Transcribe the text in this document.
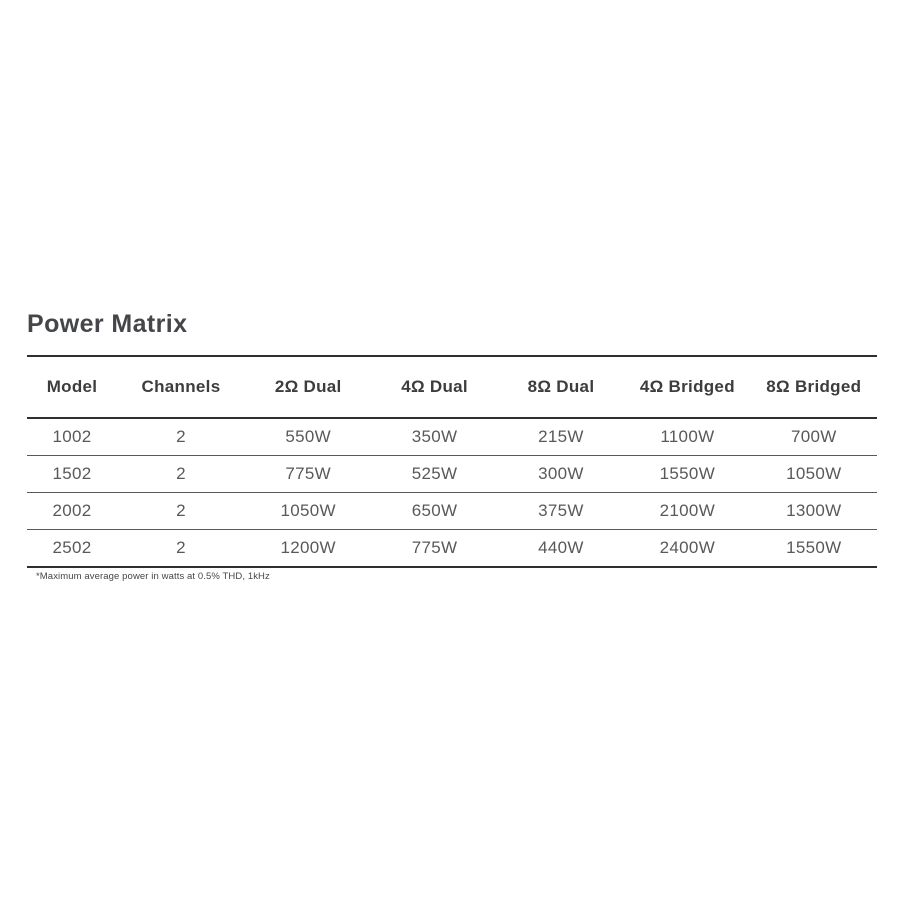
Power Matrix
Model	Channels	2Ω Dual	4Ω Dual	8Ω Dual	4Ω Bridged	8Ω Bridged
1002	2	550W	350W	215W	1100W	700W
1502	2	775W	525W	300W	1550W	1050W
2002	2	1050W	650W	375W	2100W	1300W
2502	2	1200W	775W	440W	2400W	1550W
*Maximum average power in watts at 0.5% THD, 1kHz
